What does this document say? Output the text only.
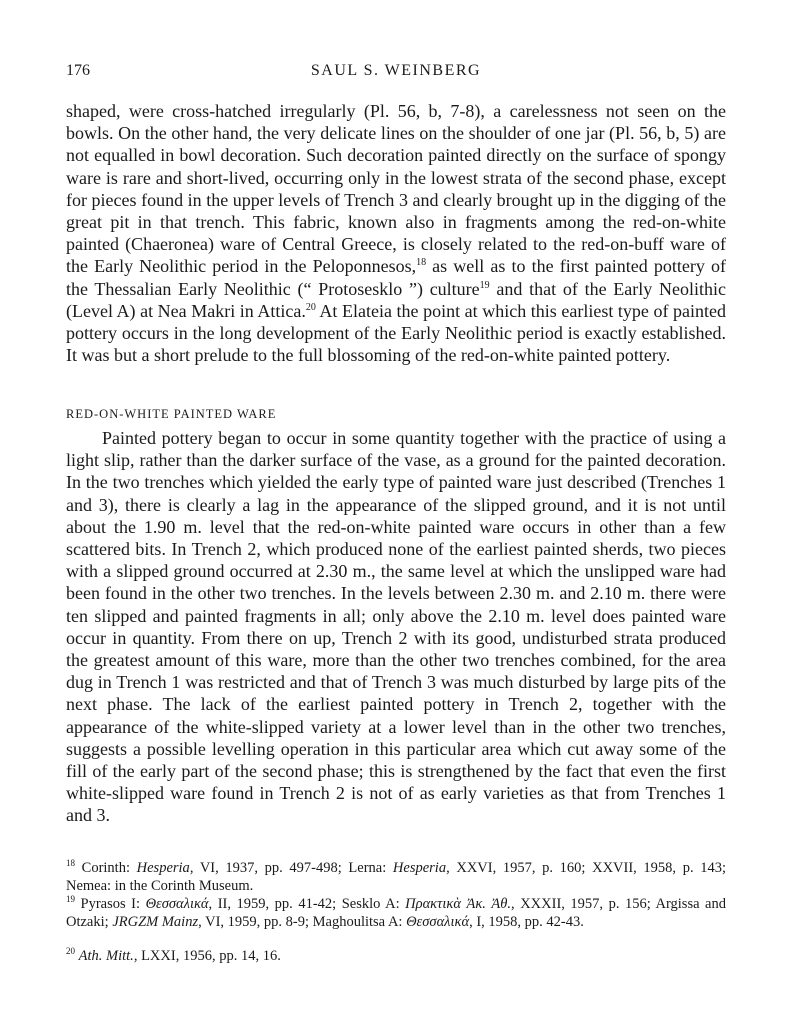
176	SAUL S. WEINBERG

shaped, were cross-hatched irregularly (Pl. 56, b, 7-8), a carelessness not seen on the bowls. On the other hand, the very delicate lines on the shoulder of one jar (Pl. 56, b, 5) are not equalled in bowl decoration. Such decoration painted directly on the surface of spongy ware is rare and short-lived, occurring only in the lowest strata of the second phase, except for pieces found in the upper levels of Trench 3 and clearly brought up in the digging of the great pit in that trench. This fabric, known also in fragments among the red-on-white painted (Chaeronea) ware of Central Greece, is closely related to the red-on-buff ware of the Early Neolithic period in the Peloponnesos,$^{18}$ as well as to the first painted pottery of the Thessalian Early Neolithic (“ Protosesklo ”) culture$^{19}$ and that of the Early Neolithic (Level A) at Nea Makri in Attica.$^{20}$ At Elateia the point at which this earliest type of painted pottery occurs in the long development of the Early Neolithic period is exactly established. It was but a short prelude to the full blossoming of the red-on-white painted pottery.

RED-ON-WHITE PAINTED WARE

Painted pottery began to occur in some quantity together with the practice of using a light slip, rather than the darker surface of the vase, as a ground for the painted decoration. In the two trenches which yielded the early type of painted ware just described (Trenches 1 and 3), there is clearly a lag in the appearance of the slipped ground, and it is not until about the 1.90 m. level that the red-on-white painted ware occurs in other than a few scattered bits. In Trench 2, which produced none of the earliest painted sherds, two pieces with a slipped ground occurred at 2.30 m., the same level at which the unslipped ware had been found in the other two trenches. In the levels between 2.30 m. and 2.10 m. there were ten slipped and painted fragments in all; only above the 2.10 m. level does painted ware occur in quantity. From there on up, Trench 2 with its good, undisturbed strata produced the greatest amount of this ware, more than the other two trenches combined, for the area dug in Trench 1 was restricted and that of Trench 3 was much disturbed by large pits of the next phase. The lack of the earliest painted pottery in Trench 2, together with the appearance of the white-slipped variety at a lower level than in the other two trenches, suggests a possible levelling operation in this particular area which cut away some of the fill of the early part of the second phase; this is strengthened by the fact that even the first white-slipped ware found in Trench 2 is not of as early varieties as that from Trenches 1 and 3.

$^{18}$ Corinth: Hesperia, VI, 1937, pp. 497-498; Lerna: Hesperia, XXVI, 1957, p. 160; XXVII, 1958, p. 143; Nemea: in the Corinth Museum.

$^{19}$ Pyrasos I: Θεσσαλικά, II, 1959, pp. 41-42; Sesklo A: Πρακτικὰ Ἀκ. Ἀθ., XXXII, 1957, p. 156; Argissa and Otzaki; JRGZM Mainz, VI, 1959, pp. 8-9; Maghoulitsa A: Θεσσαλικά, I, 1958, pp. 42-43.

$^{20}$ Ath. Mitt., LXXI, 1956, pp. 14, 16.
